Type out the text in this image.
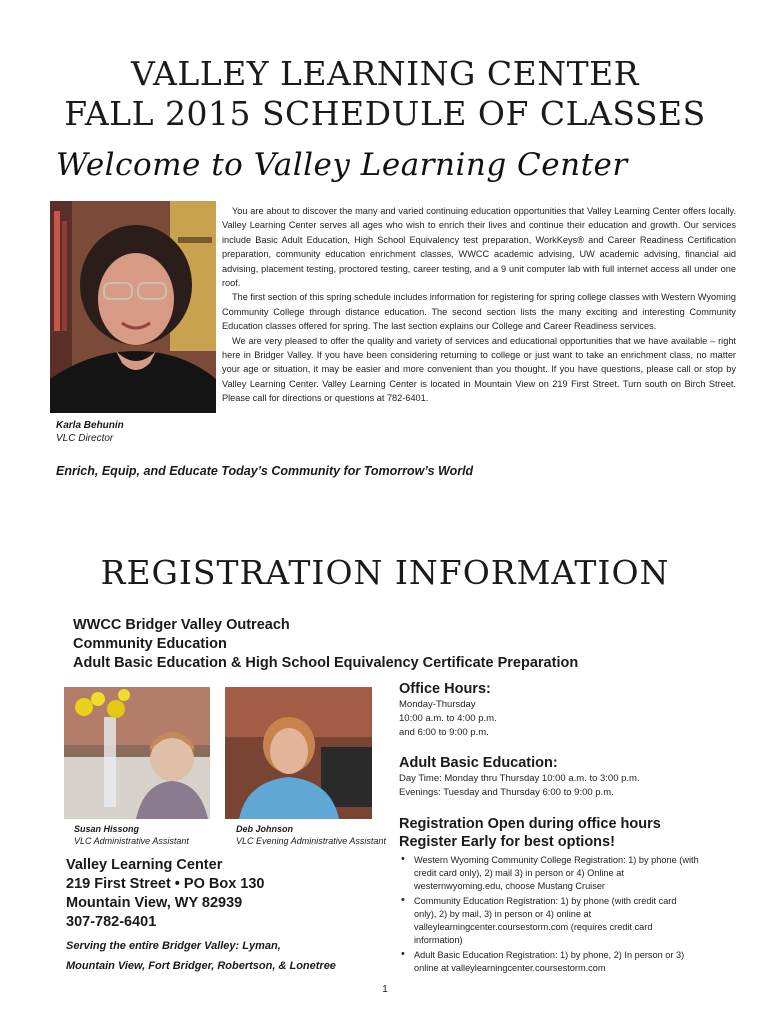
VALLEY LEARNING CENTER
FALL 2015 SCHEDULE OF CLASSES
Welcome to Valley Learning Center
Karla Behunin
VLC Director

You are about to discover the many and varied continuing education opportunities that Valley Learning Center offers locally. Valley Learning Center serves all ages who wish to enrich their lives and continue their education and growth. Our services include Basic Adult Education, High School Equivalency test preparation, WorkKeys® and Career Readiness Certification preparation, community education enrichment classes, WWCC academic advising, UW academic advising, financial aid advising, placement testing, proctored testing, career testing, and a 9 unit computer lab with full internet access all under one roof.

The first section of this spring schedule includes information for registering for spring college classes with Western Wyoming Community College through distance education. The second section lists the many exciting and interesting Community Education classes offered for spring. The last section explains our College and Career Readiness services.

We are very pleased to offer the quality and variety of services and educational opportunities that we have available – right here in Bridger Valley. If you have been considering returning to college or just want to take an enrichment class, no matter your age or situation, it may be easier and more convenient than you thought. If you have questions, please call or stop by Valley Learning Center. Valley Learning Center is located in Mountain View on 219 First Street. Turn south on Birch Street. Please call for directions or questions at 782-6401.

Enrich, Equip, and Educate Today’s Community for Tomorrow’s World
REGISTRATION INFORMATION
WWCC Bridger Valley Outreach
Community Education
Adult Basic Education & High School Equivalency Certificate Preparation
Susan Hissong
VLC Administrative Assistant
Deb Johnson
VLC Evening Administrative Assistant
Office Hours:
Monday-Thursday
10:00 a.m. to 4:00 p.m.
and 6:00 to 9:00 p.m.
Adult Basic Education:
Day Time: Monday thru Thursday 10:00 a.m. to 3:00 p.m.
Evenings: Tuesday and Thursday 6:00 to 9:00 p.m.
Registration Open during office hours
Register Early for best options!
• Western Wyoming Community College Registration: 1) by phone (with credit card only), 2) mail 3) in person or 4) Online at westernwyoming.edu, choose Mustang Cruiser
• Community Education Registration: 1) by phone (with credit card only), 2) by mail, 3) in person or 4) online at valleylearningcenter.coursestorm.com (requires credit card information)
• Adult Basic Education Registration: 1) by phone, 2) In person or 3) online at valleylearningcenter.coursestorm.com
Valley Learning Center
219 First Street • PO Box 130
Mountain View, WY 82939
307-782-6401
Serving the entire Bridger Valley: Lyman,
Mountain View, Fort Bridger, Robertson, & Lonetree
1
